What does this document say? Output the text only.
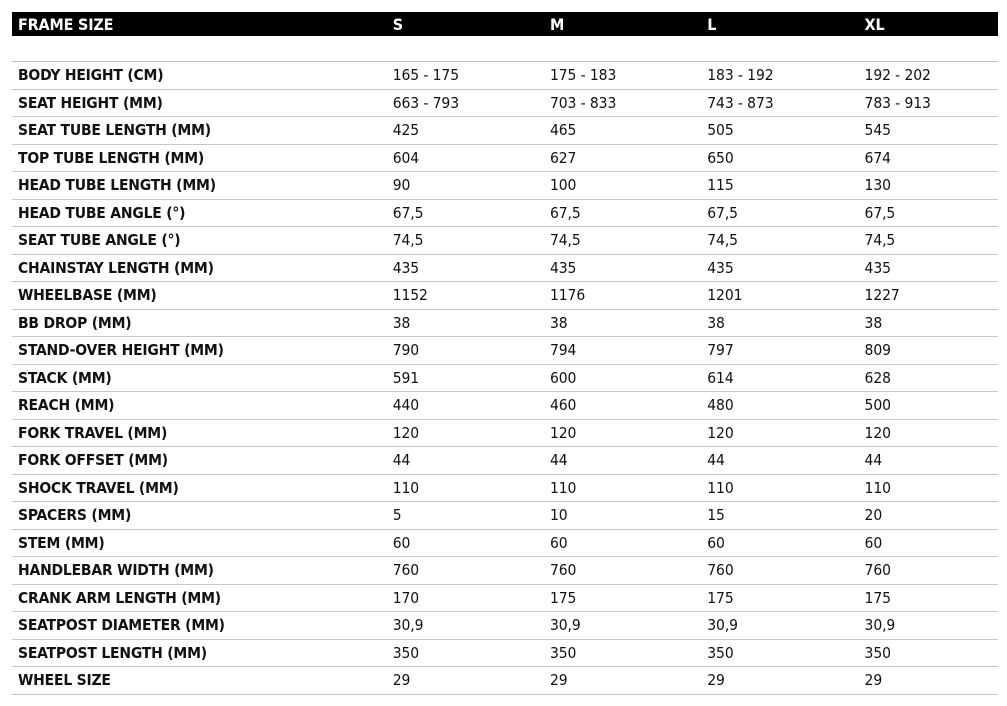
FRAME SIZE	S	M	L	XL
BODY HEIGHT (CM)	165 - 175	175 - 183	183 - 192	192 - 202
SEAT HEIGHT (MM)	663 - 793	703 - 833	743 - 873	783 - 913
SEAT TUBE LENGTH (MM)	425	465	505	545
TOP TUBE LENGTH (MM)	604	627	650	674
HEAD TUBE LENGTH (MM)	90	100	115	130
HEAD TUBE ANGLE (°)	67,5	67,5	67,5	67,5
SEAT TUBE ANGLE (°)	74,5	74,5	74,5	74,5
CHAINSTAY LENGTH (MM)	435	435	435	435
WHEELBASE (MM)	1152	1176	1201	1227
BB DROP (MM)	38	38	38	38
STAND-OVER HEIGHT (MM)	790	794	797	809
STACK (MM)	591	600	614	628
REACH (MM)	440	460	480	500
FORK TRAVEL (MM)	120	120	120	120
FORK OFFSET (MM)	44	44	44	44
SHOCK TRAVEL (MM)	110	110	110	110
SPACERS (MM)	5	10	15	20
STEM (MM)	60	60	60	60
HANDLEBAR WIDTH (MM)	760	760	760	760
CRANK ARM LENGTH (MM)	170	175	175	175
SEATPOST DIAMETER (MM)	30,9	30,9	30,9	30,9
SEATPOST LENGTH (MM)	350	350	350	350
WHEEL SIZE	29	29	29	29
